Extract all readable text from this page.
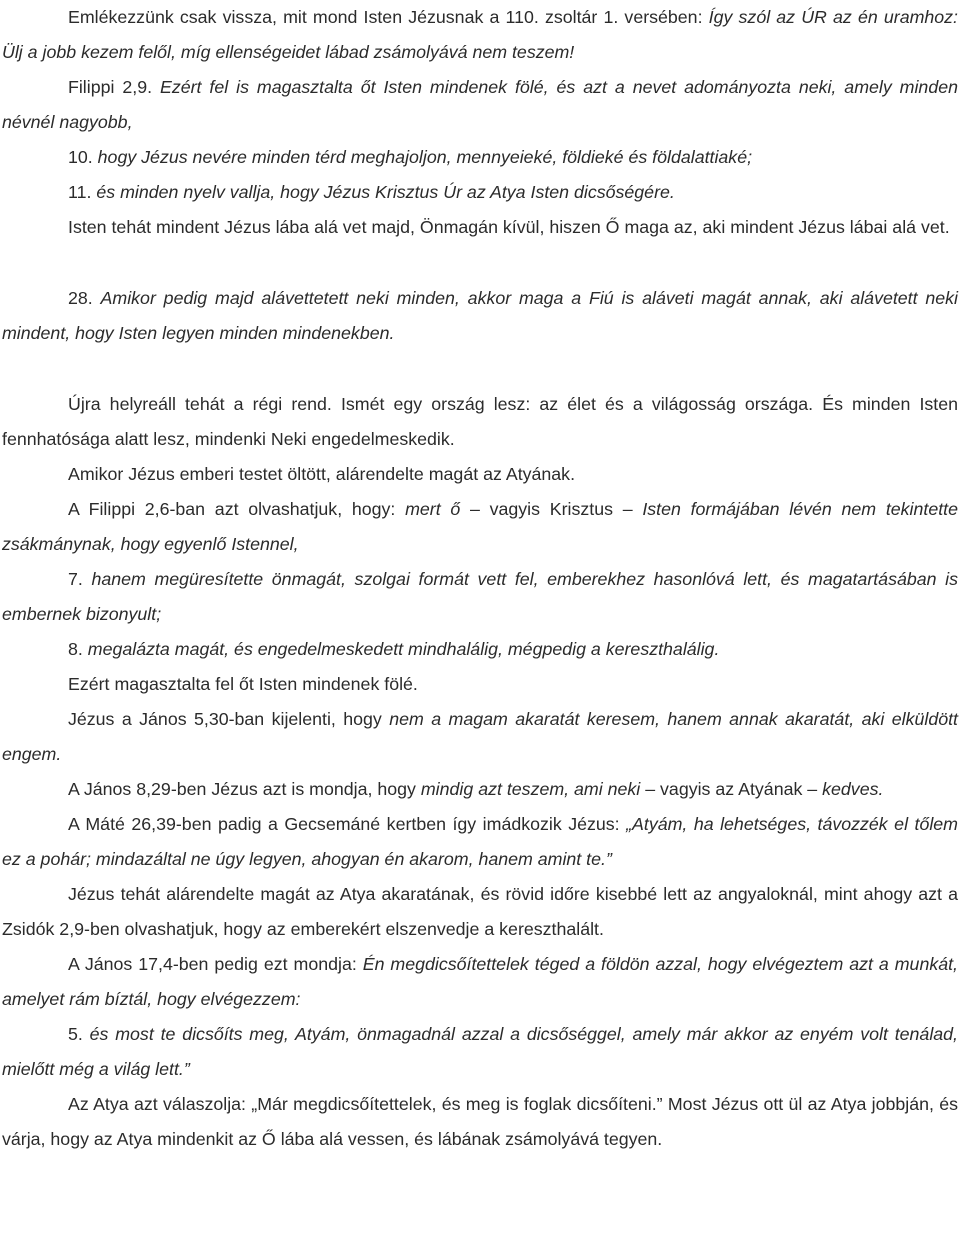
Emlékezzünk csak vissza, mit mond Isten Jézusnak a 110. zsoltár 1. versében: Így szól az ÚR az én uramhoz: Ülj a jobb kezem felől, míg ellenségeidet lábad zsámolyává nem teszem!

Filippi 2,9. Ezért fel is magasztalta őt Isten mindenek fölé, és azt a nevet adományozta neki, amely minden névnél nagyobb,

10. hogy Jézus nevére minden térd meghajoljon, mennyeieké, földieké és földalattiaké;

11. és minden nyelv vallja, hogy Jézus Krisztus Úr az Atya Isten dicsőségére.

Isten tehát mindent Jézus lába alá vet majd, Önmagán kívül, hiszen Ő maga az, aki mindent Jézus lábai alá vet.

28. Amikor pedig majd alávettetett neki minden, akkor maga a Fiú is aláveti magát annak, aki alávetett neki mindent, hogy Isten legyen minden mindenekben.

Újra helyreáll tehát a régi rend. Ismét egy ország lesz: az élet és a világosság országa. És minden Isten fennhatósága alatt lesz, mindenki Neki engedelmeskedik.

Amikor Jézus emberi testet öltött, alárendelte magát az Atyának.

A Filippi 2,6-ban azt olvashatjuk, hogy: mert ő – vagyis Krisztus – Isten formájában lévén nem tekintette zsákmánynak, hogy egyenlő Istennel,

7. hanem megüresítette önmagát, szolgai formát vett fel, emberekhez hasonlóvá lett, és magatartásában is embernek bizonyult;

8. megalázta magát, és engedelmeskedett mindhalálig, mégpedig a kereszthalálig.

Ezért magasztalta fel őt Isten mindenek fölé.

Jézus a János 5,30-ban kijelenti, hogy nem a magam akaratát keresem, hanem annak akaratát, aki elküldött engem.

A János 8,29-ben Jézus azt is mondja, hogy mindig azt teszem, ami neki – vagyis az Atyának – kedves.

A Máté 26,39-ben padig a Gecsemáné kertben így imádkozik Jézus: „Atyám, ha lehetséges, távozzék el tőlem ez a pohár; mindazáltal ne úgy legyen, ahogyan én akarom, hanem amint te.”

Jézus tehát alárendelte magát az Atya akaratának, és rövid időre kisebbé lett az angyaloknál, mint ahogy azt a Zsidók 2,9-ben olvashatjuk, hogy az emberekért elszenvedje a kereszthalált.

A János 17,4-ben pedig ezt mondja: Én megdicsőítettelek téged a földön azzal, hogy elvégeztem azt a munkát, amelyet rám bíztál, hogy elvégezzem:

5. és most te dicsőíts meg, Atyám, önmagadnál azzal a dicsőséggel, amely már akkor az enyém volt tenálad, mielőtt még a világ lett.”

Az Atya azt válaszolja: „Már megdicsőítettelek, és meg is foglak dicsőíteni.” Most Jézus ott ül az Atya jobbján, és várja, hogy az Atya mindenkit az Ő lába alá vessen, és lábának zsámolyává tegyen.
